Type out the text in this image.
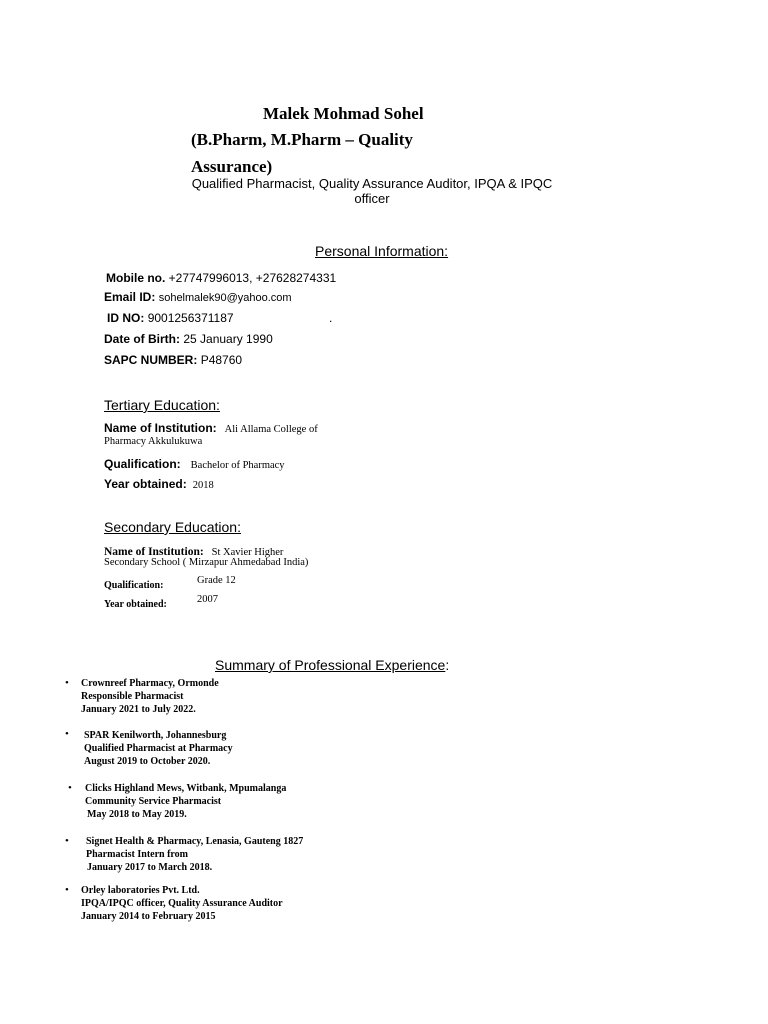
Malek Mohmad Sohel
(B.Pharm, M.Pharm – Quality
Assurance)
Qualified Pharmacist, Quality Assurance Auditor, IPQA & IPQC
officer
Personal Information:
Mobile no. +27747996013, +27628274331
Email ID: sohelmalek90@yahoo.com
ID NO: 9001256371187	.
Date of Birth: 25 January 1990
SAPC NUMBER: P48760
Tertiary Education:
Name of Institution: Ali Allama College of
Pharmacy Akkulukuwa
Qualification: Bachelor of Pharmacy
Year obtained: 2018
Secondary Education:
Name of Institution: St Xavier Higher
Secondary School ( Mirzapur Ahmedabad India)
Qualification:	Grade 12
Year obtained:	2007
Summary of Professional Experience:
• Crownreef Pharmacy, Ormonde
Responsible Pharmacist
January 2021 to July 2022.
• SPAR Kenilworth, Johannesburg
Qualified Pharmacist at Pharmacy
August 2019 to October 2020.
• Clicks Highland Mews, Witbank, Mpumalanga
Community Service Pharmacist
May 2018 to May 2019.
• Signet Health & Pharmacy, Lenasia, Gauteng 1827
Pharmacist Intern from
January 2017 to March 2018.
• Orley laboratories Pvt. Ltd.
IPQA/IPQC officer, Quality Assurance Auditor
January 2014 to February 2015
